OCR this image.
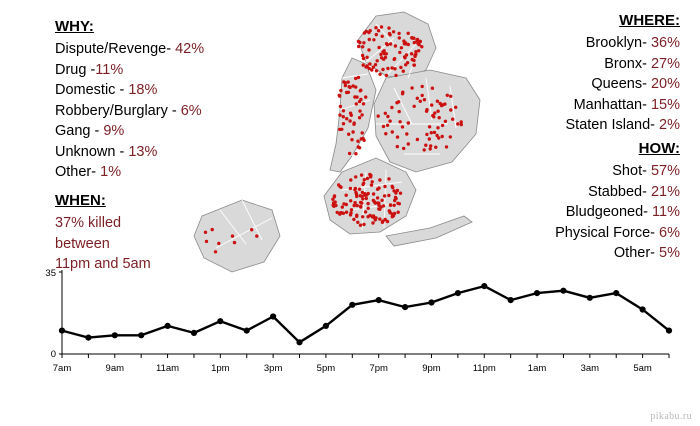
WHY:
Dispute/Revenge- 42%
Drug -11%
Domestic - 18%
Robbery/Burglary - 6%
Gang - 9%
Unknown - 13%
Other- 1%
WHEN:
37% killed
between
11pm and 5am
WHERE:
Brooklyn- 36%
Bronx- 27%
Queens- 20%
Manhattan- 15%
Staten Island- 2%
HOW:
Shot- 57%
Stabbed- 21%
Bludgeoned- 11%
Physical Force- 6%
Other- 5%
0
35
7am	9am	11am	1pm	3pm	5pm	7pm	9pm	11pm	1am	3am	5am
pikabu.ru
